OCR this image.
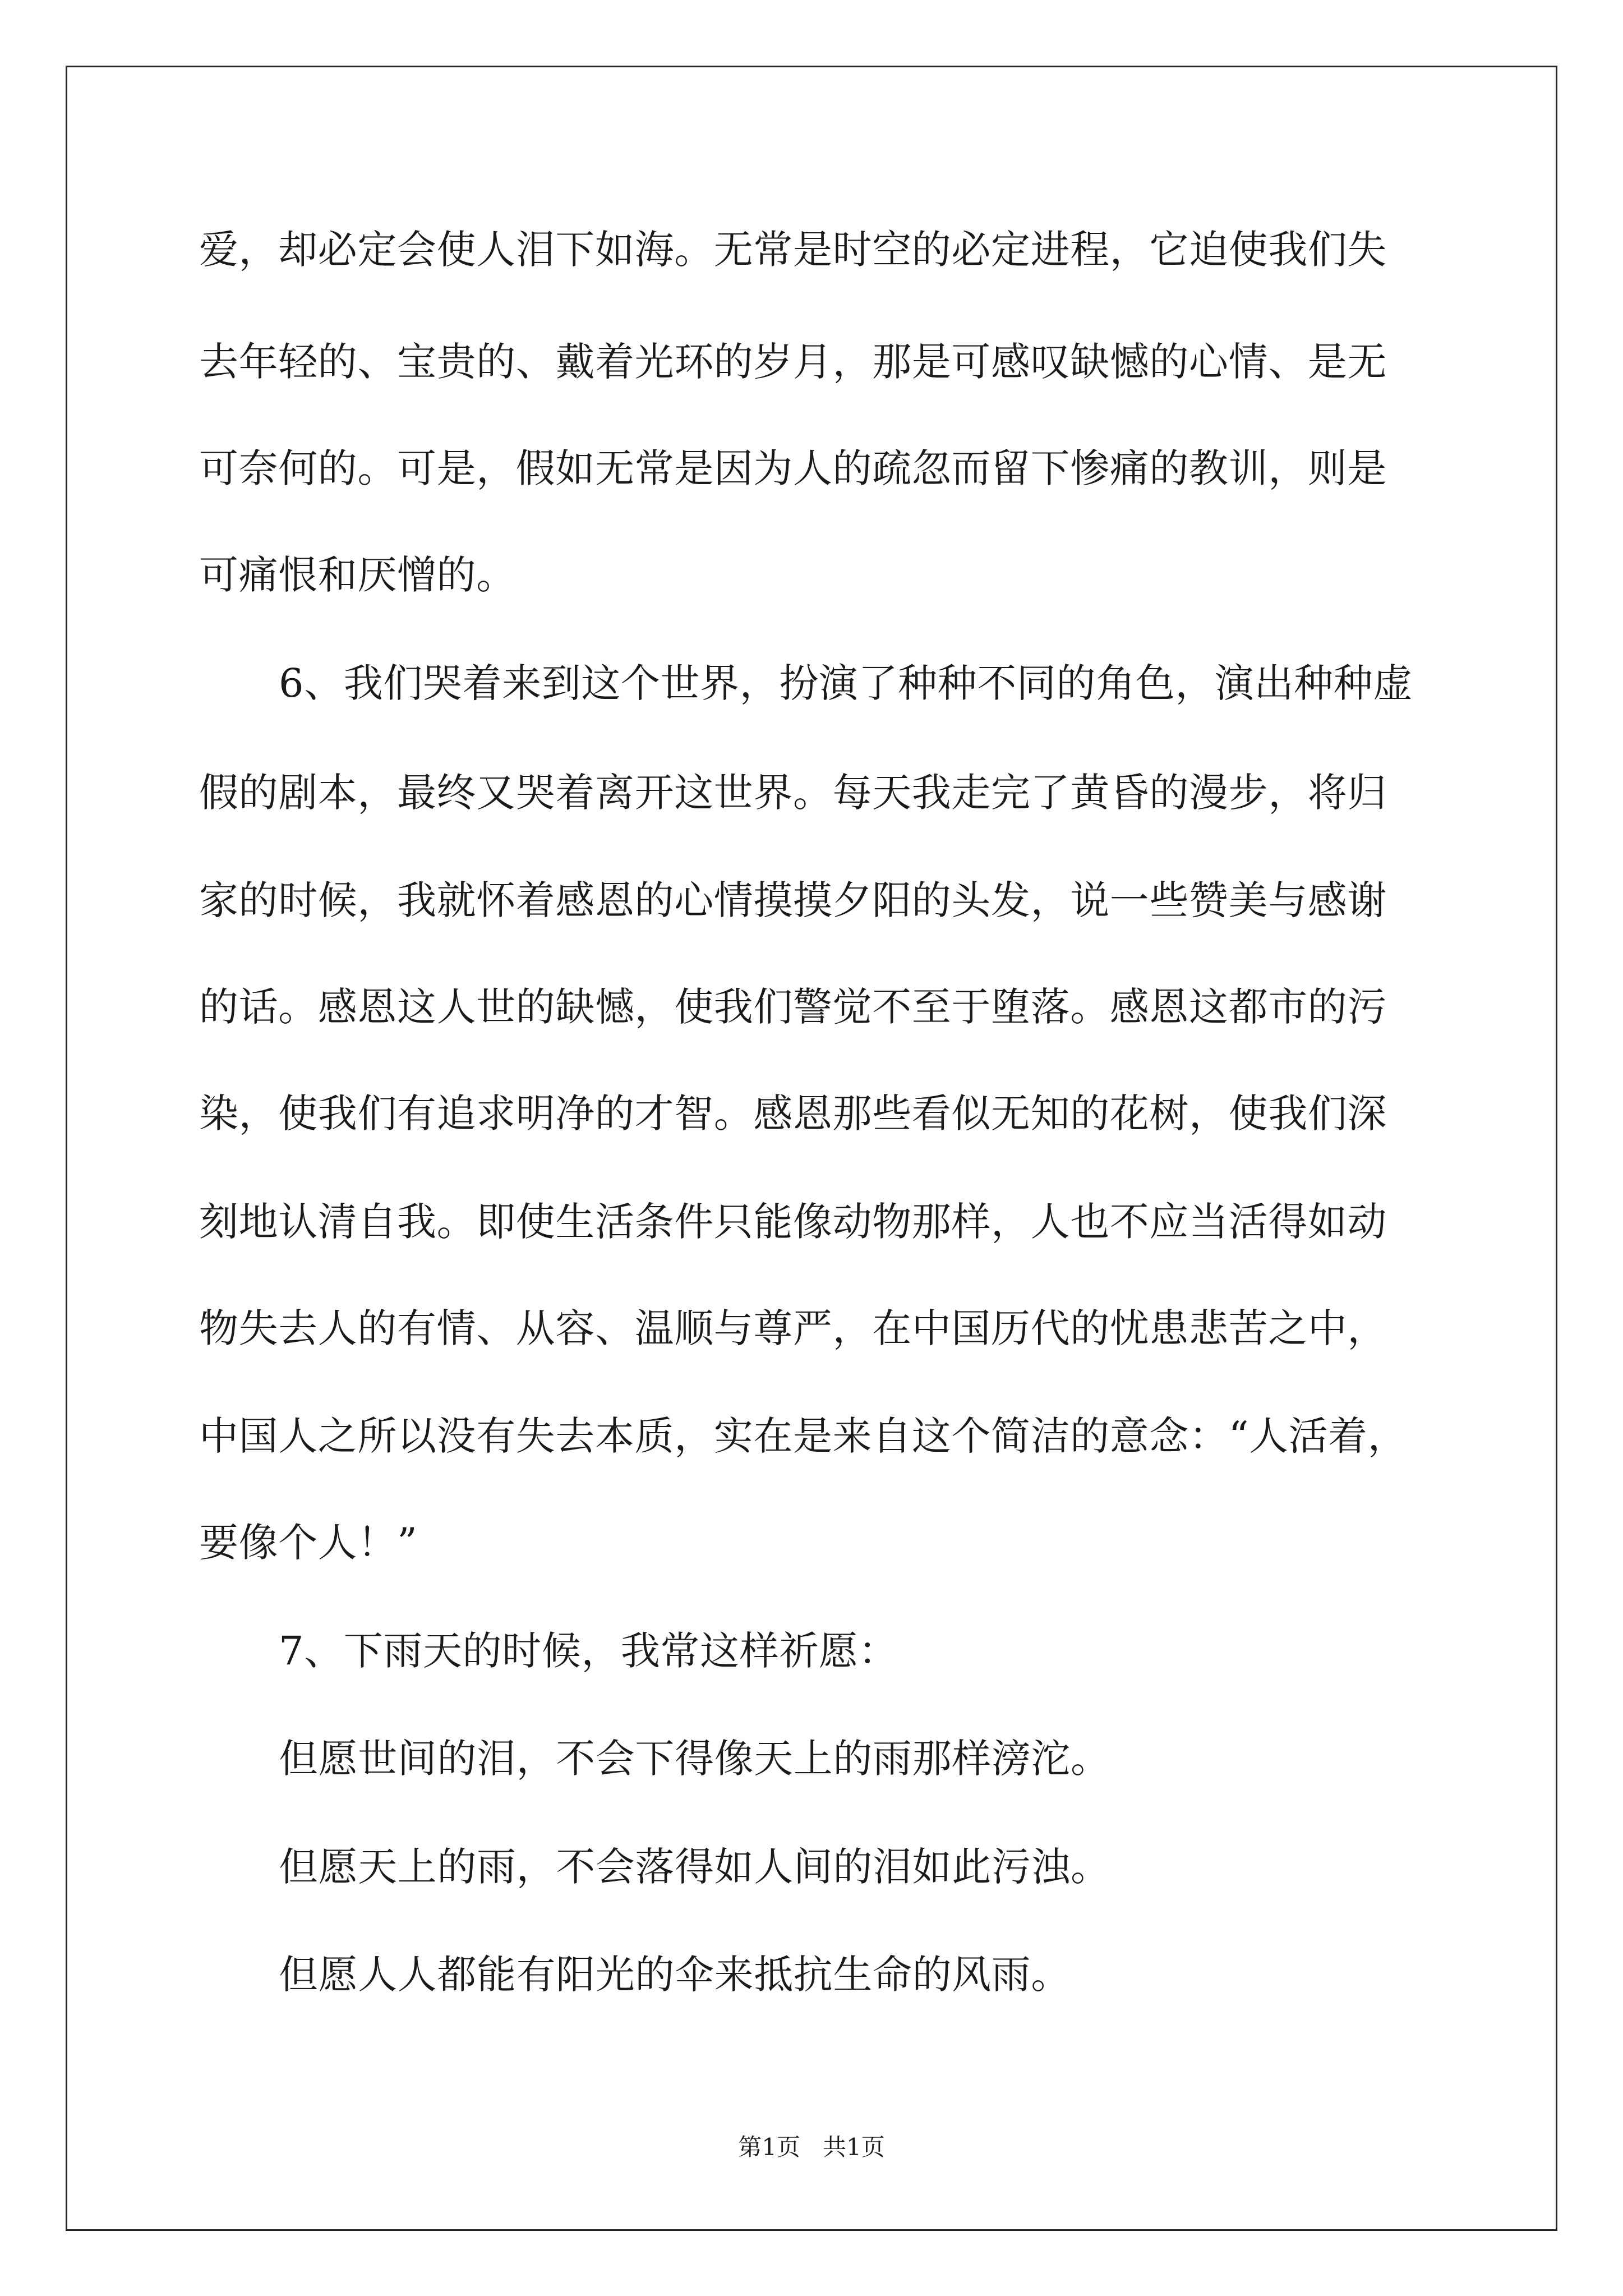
爱，却必定会使人泪下如海。无常是时空的必定进程，它迫使我们失

去年轻的、宝贵的、戴着光环的岁月，那是可感叹缺憾的心情、是无

可奈何的。可是，假如无常是因为人的疏忽而留下惨痛的教训，则是

可痛恨和厌憎的。

6、我们哭着来到这个世界，扮演了种种不同的角色，演出种种虚

假的剧本，最终又哭着离开这世界。每天我走完了黄昏的漫步，将归

家的时候，我就怀着感恩的心情摸摸夕阳的头发，说一些赞美与感谢

的话。感恩这人世的缺憾，使我们警觉不至于堕落。感恩这都市的污

染，使我们有追求明净的才智。感恩那些看似无知的花树，使我们深

刻地认清自我。即使生活条件只能像动物那样，人也不应当活得如动

物失去人的有情、从容、温顺与尊严，在中国历代的忧患悲苦之中，

中国人之所以没有失去本质，实在是来自这个简洁的意念：“人活着，

要像个人！”

7、下雨天的时候，我常这样祈愿：

但愿世间的泪，不会下得像天上的雨那样滂沱。

但愿天上的雨，不会落得如人间的泪如此污浊。

但愿人人都能有阳光的伞来抵抗生命的风雨。

第1页   共1页
